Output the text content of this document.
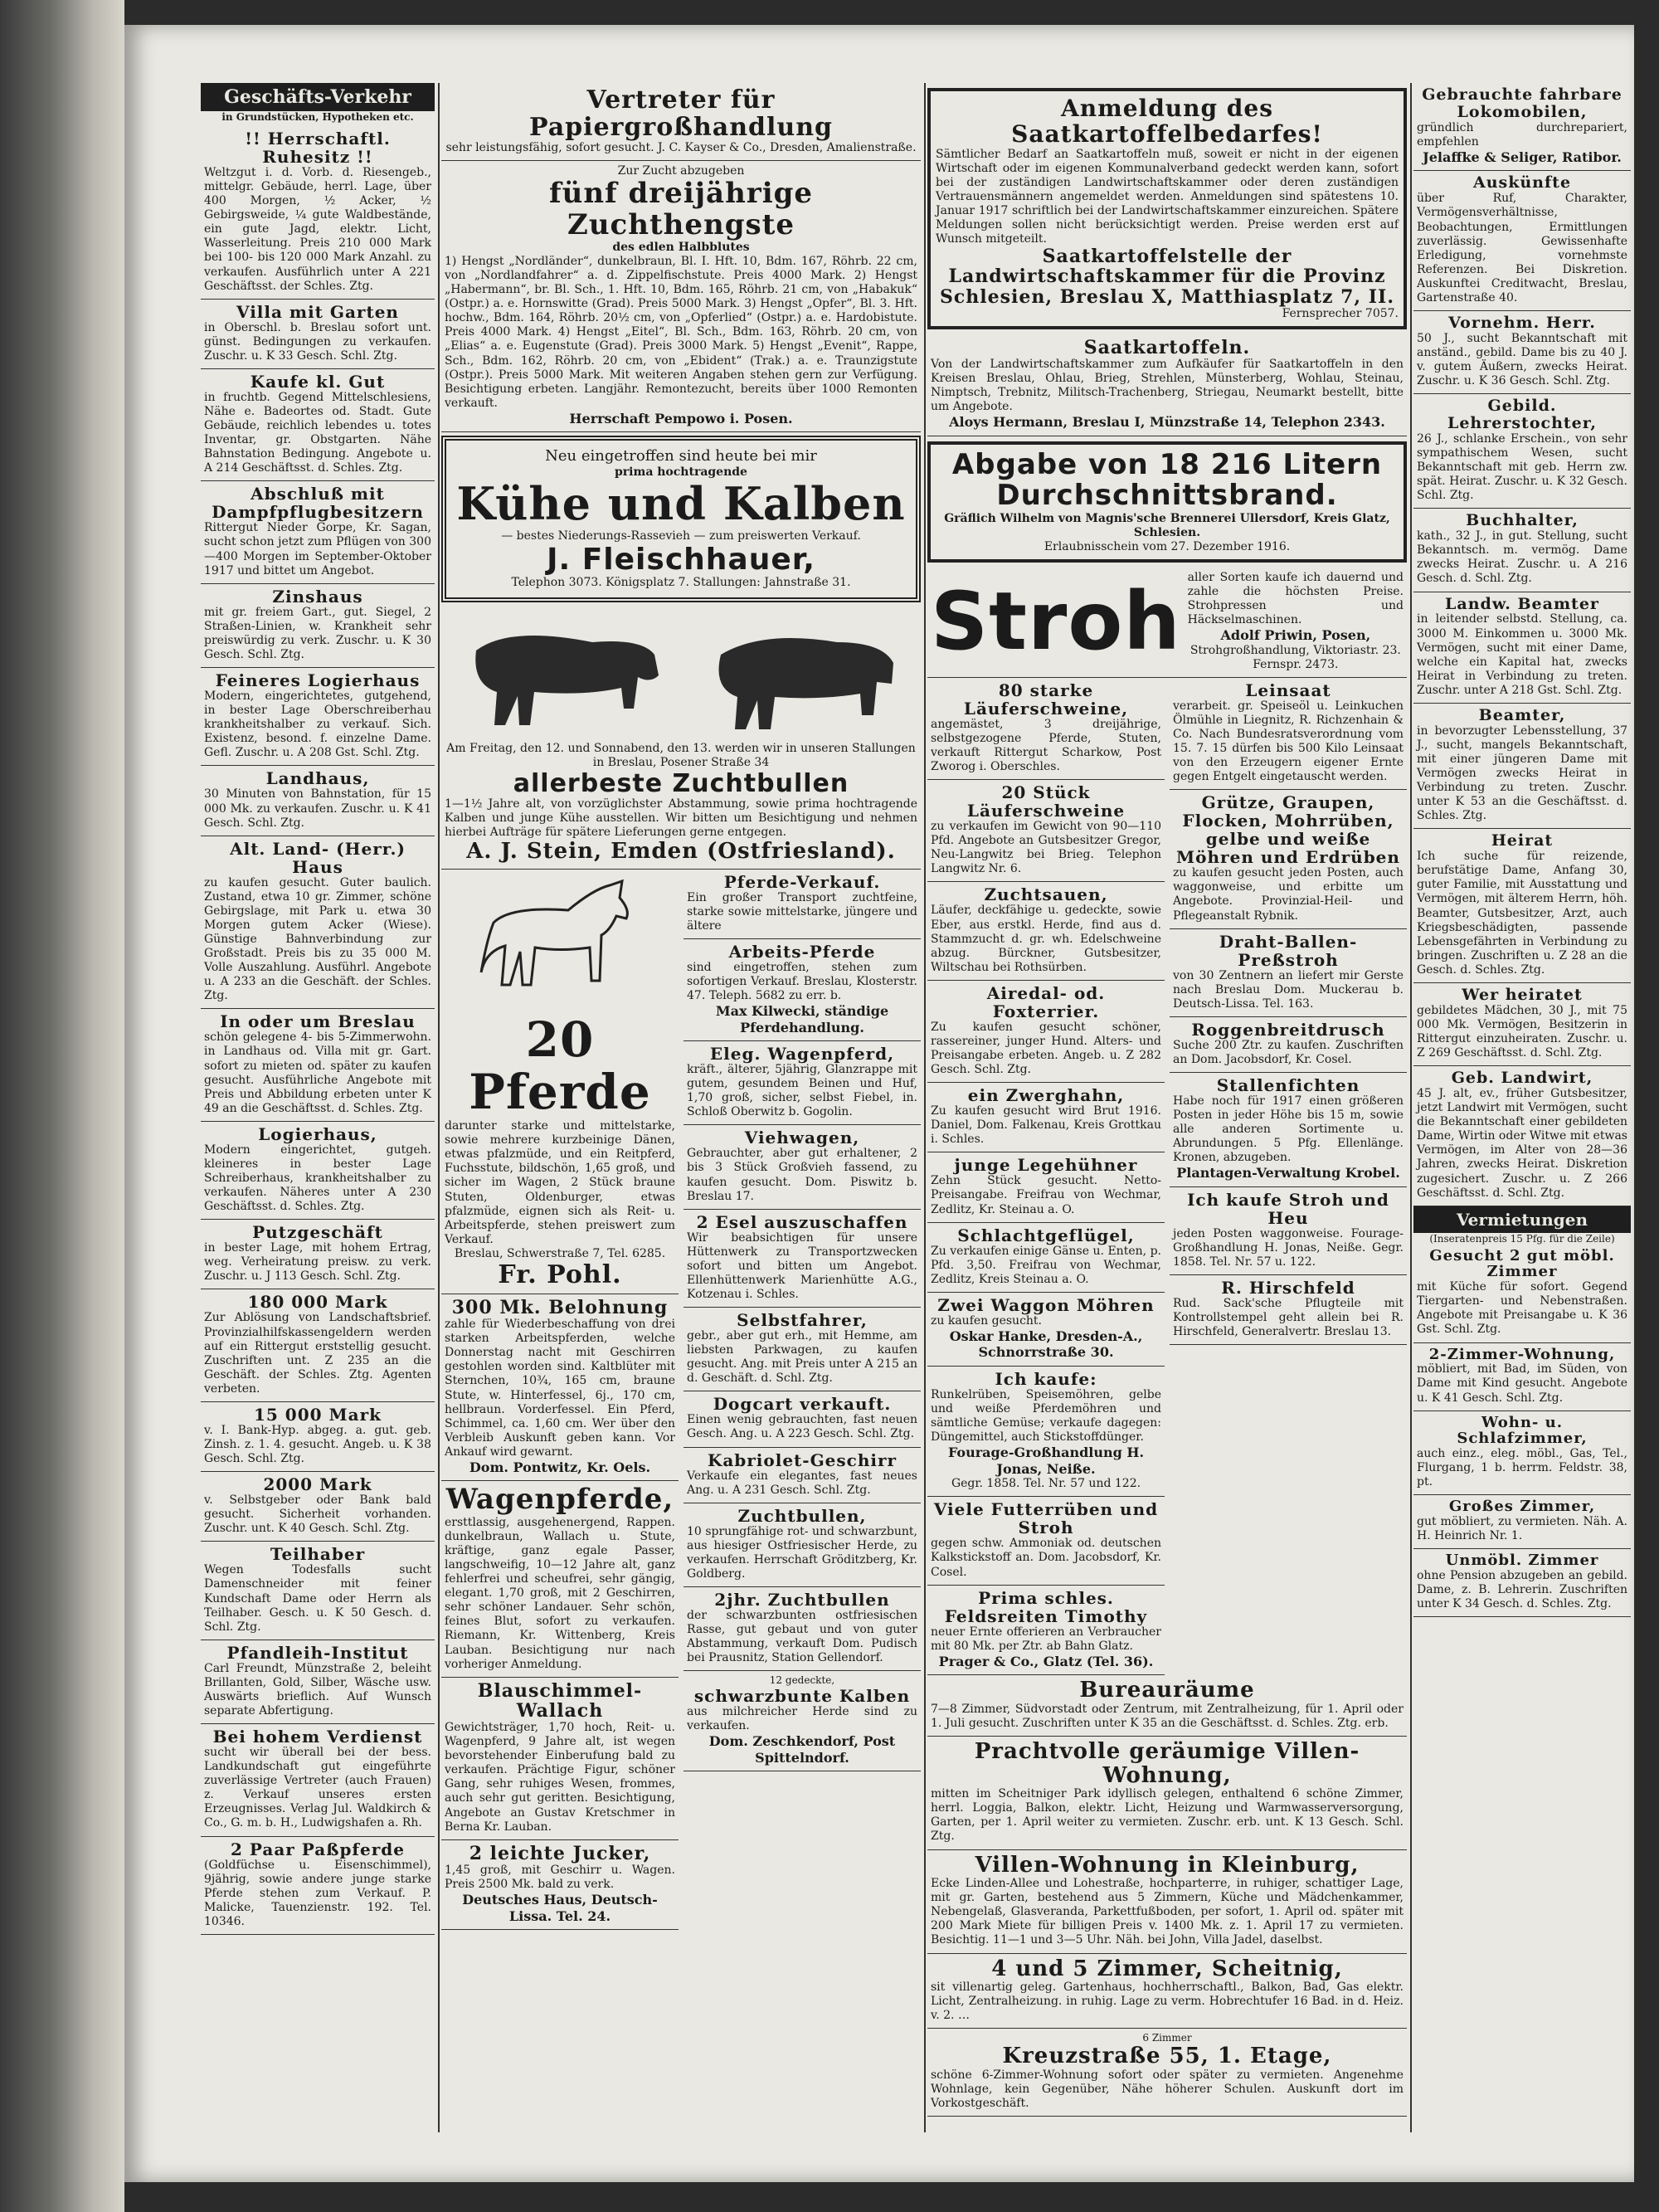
Geschäfts-Verkehr
in Grundstücken, Hypotheken etc.
!! Herrschaftl. Ruhesitz !!

Weltzgut i. d. Vorb. d. Riesengeb., mittelgr. Gebäude, herrl. Lage, über 400 Morgen, ½ Acker, ½ Gebirgsweide, ¼ gute Waldbestände, ein gute Jagd, elektr. Licht, Wasserleitung. Preis 210 000 Mark bei 100- bis 120 000 Mark Anzahl. zu verkaufen. Ausführlich unter A 221 Geschäftsst. der Schles. Ztg.

Villa mit Garten

in Oberschl. b. Breslau sofort unt. günst. Bedingungen zu verkaufen. Zuschr. u. K 33 Gesch. Schl. Ztg.

Kaufe kl. Gut

in fruchtb. Gegend Mittelschlesiens, Nähe e. Badeortes od. Stadt. Gute Gebäude, reichlich lebendes u. totes Inventar, gr. Obstgarten. Nähe Bahnstation Bedingung. Angebote u. A 214 Geschäftsst. d. Schles. Ztg.

Abschluß mit Dampfpflugbesitzern

Rittergut Nieder Gorpe, Kr. Sagan, sucht schon jetzt zum Pflügen von 300—400 Morgen im September-Oktober 1917 und bittet um Angebot.

Zinshaus

mit gr. freiem Gart., gut. Siegel, 2 Straßen-Linien, w. Krankheit sehr preiswürdig zu verk. Zuschr. u. K 30 Gesch. Schl. Ztg.

Feineres Logierhaus

Modern, eingerichtetes, gutgehend, in bester Lage Oberschreiberhau krankheitshalber zu verkauf. Sich. Existenz, besond. f. einzelne Dame. Gefl. Zuschr. u. A 208 Gst. Schl. Ztg.

Landhaus,

30 Minuten von Bahnstation, für 15 000 Mk. zu verkaufen. Zuschr. u. K 41 Gesch. Schl. Ztg.

Alt. Land- (Herr.) Haus

zu kaufen gesucht. Guter baulich. Zustand, etwa 10 gr. Zimmer, schöne Gebirgslage, mit Park u. etwa 30 Morgen gutem Acker (Wiese). Günstige Bahnverbindung zur Großstadt. Preis bis zu 35 000 M. Volle Auszahlung. Ausführl. Angebote u. A 233 an die Geschäft. der Schles. Ztg.

In oder um Breslau

schön gelegene 4- bis 5-Zimmerwohn. in Landhaus od. Villa mit gr. Gart. sofort zu mieten od. später zu kaufen gesucht. Ausführliche Angebote mit Preis und Abbildung erbeten unter K 49 an die Geschäftsst. d. Schles. Ztg.

Logierhaus,

Modern eingerichtet, gutgeh. kleineres in bester Lage Schreiberhaus, krankheitshalber zu verkaufen. Näheres unter A 230 Geschäftsst. d. Schles. Ztg.

Putzgeschäft

in bester Lage, mit hohem Ertrag, weg. Verheiratung preisw. zu verk. Zuschr. u. J 113 Gesch. Schl. Ztg.

180 000 Mark

Zur Ablösung von Landschaftsbrief. Provinzialhilfskassengeldern werden auf ein Rittergut erststellig gesucht. Zuschriften unt. Z 235 an die Geschäft. der Schles. Ztg. Agenten verbeten.

15 000 Mark

v. I. Bank-Hyp. abgeg. a. gut. geb. Zinsh. z. 1. 4. gesucht. Angeb. u. K 38 Gesch. Schl. Ztg.

2000 Mark

v. Selbstgeber oder Bank bald gesucht. Sicherheit vorhanden. Zuschr. unt. K 40 Gesch. Schl. Ztg.

Teilhaber

Wegen Todesfalls sucht Damenschneider mit feiner Kundschaft Dame oder Herrn als Teilhaber. Gesch. u. K 50 Gesch. d. Schl. Ztg.

Pfandleih-Institut

Carl Freundt, Münzstraße 2, beleiht Brillanten, Gold, Silber, Wäsche usw. Auswärts brieflich. Auf Wunsch separate Abfertigung.

Bei hohem Verdienst

sucht wir überall bei der bess. Landkundschaft gut eingeführte zuverlässige Vertreter (auch Frauen) z. Verkauf unseres ersten Erzeugnisses. Verlag Jul. Waldkirch & Co., G. m. b. H., Ludwigshafen a. Rh.

2 Paar Paßpferde

(Goldfüchse u. Eisenschimmel), 9jährig, sowie andere junge starke Pferde stehen zum Verkauf. P. Malicke, Tauenzienstr. 192. Tel. 10346.

Vertreter für Papiergroßhandlung

sehr leistungsfähig, sofort gesucht. J. C. Kayser & Co., Dresden, Amalienstraße.

Zur Zucht abzugeben

fünf dreijährige Zuchthengste

des edlen Halbblutes

1) Hengst „Nordländer“, dunkelbraun, Bl. I. Hft. 10, Bdm. 167, Röhrb. 22 cm, von „Nordlandfahrer“ a. d. Zippelfischstute. Preis 4000 Mark. 2) Hengst „Habermann“, br. Bl. Sch., 1. Hft. 10, Bdm. 165, Röhrb. 21 cm, von „Habakuk“ (Ostpr.) a. e. Hornswitte (Grad). Preis 5000 Mark. 3) Hengst „Opfer“, Bl. 3. Hft. hochw., Bdm. 164, Röhrb. 20½ cm, von „Opferlied“ (Ostpr.) a. e. Hardobistute. Preis 4000 Mark. 4) Hengst „Eitel“, Bl. Sch., Bdm. 163, Röhrb. 20 cm, von „Elias“ a. e. Eugenstute (Grad). Preis 3000 Mark. 5) Hengst „Evenit“, Rappe, Sch., Bdm. 162, Röhrb. 20 cm, von „Ebident“ (Trak.) a. e. Traunzigstute (Ostpr.). Preis 5000 Mark. Mit weiteren Angaben stehen gern zur Verfügung. Besichtigung erbeten. Langjähr. Remontezucht, bereits über 1000 Remonten verkauft.

Herrschaft Pempowo i. Posen.

Neu eingetroffen sind heute bei mir

prima hochtragende

Kühe und Kalben

— bestes Niederungs-Rassevieh — zum preiswerten Verkauf.

J. Fleischhauer,

Telephon 3073. Königsplatz 7. Stallungen: Jahnstraße 31.

Am Freitag, den 12. und Sonnabend, den 13. werden wir in unseren Stallungen in Breslau, Posener Straße 34

allerbeste Zuchtbullen

1—1½ Jahre alt, von vorzüglichster Abstammung, sowie prima hochtragende Kalben und junge Kühe ausstellen. Wir bitten um Besichtigung und nehmen hierbei Aufträge für spätere Lieferungen gerne entgegen.

A. J. Stein, Emden (Ostfriesland).
20 Pferde

darunter starke und mittelstarke, sowie mehrere kurzbeinige Dänen, etwas pfalzmüde, und ein Reitpferd, Fuchsstute, bildschön, 1,65 groß, und sicher im Wagen, 2 Stück braune Stuten, Oldenburger, etwas pfalzmüde, eignen sich als Reit- u. Arbeitspferde, stehen preiswert zum Verkauf.

Breslau, Schwerstraße 7, Tel. 6285.

Fr. Pohl.
300 Mk. Belohnung

zahle für Wiederbeschaffung von drei starken Arbeitspferden, welche Donnerstag nacht mit Geschirren gestohlen worden sind. Kaltblüter mit Sternchen, 10¾, 165 cm, braune Stute, w. Hinterfessel, 6j., 170 cm, hellbraun. Vorderfessel. Ein Pferd, Schimmel, ca. 1,60 cm. Wer über den Verbleib Auskunft geben kann. Vor Ankauf wird gewarnt.

Dom. Pontwitz, Kr. Oels.

Wagenpferde,

ersttlassig, ausgehenergend, Rappen. dunkelbraun, Wallach u. Stute, kräftige, ganz egale Passer, langschweifig, 10—12 Jahre alt, ganz fehlerfrei und scheufrei, sehr gängig, elegant. 1,70 groß, mit 2 Geschirren, sehr schöner Landauer. Sehr schön, feines Blut, sofort zu verkaufen. Riemann, Kr. Wittenberg, Kreis Lauban. Besichtigung nur nach vorheriger Anmeldung.

Blauschimmel-Wallach

Gewichtsträger, 1,70 hoch, Reit- u. Wagenpferd, 9 Jahre alt, ist wegen bevorstehender Einberufung bald zu verkaufen. Prächtige Figur, schöner Gang, sehr ruhiges Wesen, frommes, auch sehr gut geritten. Besichtigung, Angebote an Gustav Kretschmer in Berna Kr. Lauban.

2 leichte Jucker,

1,45 groß, mit Geschirr u. Wagen. Preis 2500 Mk. bald zu verk.

Deutsches Haus, Deutsch-Lissa. Tel. 24.

Pferde-Verkauf.

Ein großer Transport zuchtfeine, starke sowie mittelstarke, jüngere und ältere

Arbeits-Pferde

sind eingetroffen, stehen zum sofortigen Verkauf. Breslau, Klosterstr. 47. Teleph. 5682 zu err. b.

Max Kilwecki, ständige Pferdehandlung.

Eleg. Wagenpferd,

kräft., älterer, 5jährig, Glanzrappe mit gutem, gesundem Beinen und Huf, 1,70 groß, sicher, selbst Fiebel, in. Schloß Oberwitz b. Gogolin.

Viehwagen,

Gebrauchter, aber gut erhaltener, 2 bis 3 Stück Großvieh fassend, zu kaufen gesucht. Dom. Piswitz b. Breslau 17.

2 Esel auszuschaffen

Wir beabsichtigen für unsere Hüttenwerk zu Transportzwecken sofort und bitten um Angebot. Ellenhüttenwerk Marienhütte A.G., Kotzenau i. Schles.

Selbstfahrer,

gebr., aber gut erh., mit Hemme, am liebsten Parkwagen, zu kaufen gesucht. Ang. mit Preis unter A 215 an d. Geschäft. d. Schl. Ztg.

Dogcart verkauft.

Einen wenig gebrauchten, fast neuen Gesch. Ang. u. A 223 Gesch. Schl. Ztg.

Kabriolet-Geschirr

Verkaufe ein elegantes, fast neues Ang. u. A 231 Gesch. Schl. Ztg.

Zuchtbullen,

10 sprungfähige rot- und schwarzbunt, aus hiesiger Ostfriesischer Herde, zu verkaufen. Herrschaft Gröditzberg, Kr. Goldberg.

2jhr. Zuchtbullen

der schwarzbunten ostfriesischen Rasse, gut gebaut und von guter Abstammung, verkauft Dom. Pudisch bei Prausnitz, Station Gellendorf.

12 gedeckte,

schwarzbunte Kalben

aus milchreicher Herde sind zu verkaufen.

Dom. Zeschkendorf, Post Spittelndorf.

Anmeldung des Saatkartoffelbedarfes!

Sämtlicher Bedarf an Saatkartoffeln muß, soweit er nicht in der eigenen Wirtschaft oder im eigenen Kommunalverband gedeckt werden kann, sofort bei der zuständigen Landwirtschaftskammer oder deren zuständigen Vertrauensmännern angemeldet werden. Anmeldungen sind spätestens 10. Januar 1917 schriftlich bei der Landwirtschaftskammer einzureichen. Spätere Meldungen sollen nicht berücksichtigt werden. Preise werden erst auf Wunsch mitgeteilt.

Saatkartoffelstelle der Landwirtschaftskammer für die Provinz Schlesien, Breslau X, Matthiasplatz 7, II.

Fernsprecher 7057.

Saatkartoffeln.

Von der Landwirtschaftskammer zum Aufkäufer für Saatkartoffeln in den Kreisen Breslau, Ohlau, Brieg, Strehlen, Münsterberg, Wohlau, Steinau, Nimptsch, Trebnitz, Militsch-Trachenberg, Striegau, Neumarkt bestellt, bitte um Angebote.

Aloys Hermann, Breslau I, Münzstraße 14, Telephon 2343.

Abgabe von 18 216 Litern Durchschnittsbrand.

Gräflich Wilhelm von Magnis'sche Brennerei Ullersdorf, Kreis Glatz, Schlesien.

Erlaubnisschein vom 27. Dezember 1916.

Stroh aller Sorten kaufe ich dauernd und zahle die höchsten Preise. Strohpressen und Häckselmaschinen.

Adolf Priwin, Posen,

Strohgroßhandlung, Viktoriastr. 23. Fernspr. 2473.

80 starke Läuferschweine,

angemästet, 3 dreijährige, selbstgezogene Pferde, Stuten, verkauft Rittergut Scharkow, Post Zworog i. Oberschles.

20 Stück Läuferschweine

zu verkaufen im Gewicht von 90—110 Pfd. Angebote an Gutsbesitzer Gregor, Neu-Langwitz bei Brieg. Telephon Langwitz Nr. 6.

Zuchtsauen,

Läufer, deckfähige u. gedeckte, sowie Eber, aus erstkl. Herde, find aus d. Stammzucht d. gr. wh. Edelschweine abzug. Bürckner, Gutsbesitzer, Wiltschau bei Rothsürben.

Airedal- od. Foxterrier.

Zu kaufen gesucht schöner, rassereiner, junger Hund. Alters- und Preisangabe erbeten. Angeb. u. Z 282 Gesch. Schl. Ztg.

ein Zwerghahn,

Zu kaufen gesucht wird Brut 1916. Daniel, Dom. Falkenau, Kreis Grottkau i. Schles.

junge Legehühner

Zehn Stück gesucht. Netto-Preisangabe. Freifrau von Wechmar, Zedlitz, Kr. Steinau a. O.

Schlachtgeflügel,

Zu verkaufen einige Gänse u. Enten, p. Pfd. 3,50. Freifrau von Wechmar, Zedlitz, Kreis Steinau a. O.

Zwei Waggon Möhren

zu kaufen gesucht.

Oskar Hanke, Dresden-A., Schnorrstraße 30.

Ich kaufe:

Runkelrüben, Speisemöhren, gelbe und weiße Pferdemöhren und sämtliche Gemüse; verkaufe dagegen: Düngemittel, auch Stickstoffdünger.

Fourage-Großhandlung H. Jonas, Neiße.

Gegr. 1858. Tel. Nr. 57 und 122.

Viele Futterrüben und Stroh

gegen schw. Ammoniak od. deutschen Kalkstickstoff an. Dom. Jacobsdorf, Kr. Cosel.

Prima schles. Feldsreiten Timothy

neuer Ernte offerieren an Verbraucher mit 80 Mk. per Ztr. ab Bahn Glatz.

Prager & Co., Glatz (Tel. 36).

Leinsaat

verarbeit. gr. Speiseöl u. Leinkuchen Ölmühle in Liegnitz, R. Richzenhain & Co. Nach Bundesratsverordnung vom 15. 7. 15 dürfen bis 500 Kilo Leinsaat von den Erzeugern eigener Ernte gegen Entgelt eingetauscht werden.

Grütze, Graupen, Flocken, Mohrrüben, gelbe und weiße Möhren und Erdrüben

zu kaufen gesucht jeden Posten, auch waggonweise, und erbitte um Angebote. Provinzial-Heil- und Pflegeanstalt Rybnik.

Draht-Ballen-Preßstroh

von 30 Zentnern an liefert mir Gerste nach Breslau Dom. Muckerau b. Deutsch-Lissa. Tel. 163.

Roggenbreitdrusch

Suche 200 Ztr. zu kaufen. Zuschriften an Dom. Jacobsdorf, Kr. Cosel.

Stallenfichten

Habe noch für 1917 einen größeren Posten in jeder Höhe bis 15 m, sowie alle anderen Sortimente u. Abrundungen. 5 Pfg. Ellenlänge. Kronen, abzugeben.

Plantagen-Verwaltung Krobel.

Ich kaufe Stroh und Heu

jeden Posten waggonweise. Fourage-Großhandlung H. Jonas, Neiße. Gegr. 1858. Tel. Nr. 57 u. 122.

R. Hirschfeld

Rud. Sack'sche Pflugteile mit Kontrollstempel geht allein bei R. Hirschfeld, Generalvertr. Breslau 13.

Bureauräume

7—8 Zimmer, Südvorstadt oder Zentrum, mit Zentralheizung, für 1. April oder 1. Juli gesucht. Zuschriften unter K 35 an die Geschäftsst. d. Schles. Ztg. erb.

Prachtvolle geräumige Villen-Wohnung,

mitten im Scheitniger Park idyllisch gelegen, enthaltend 6 schöne Zimmer, herrl. Loggia, Balkon, elektr. Licht, Heizung und Warmwasserversorgung, Garten, per 1. April weiter zu vermieten. Zuschr. erb. unt. K 13 Gesch. Schl. Ztg.

Villen-Wohnung in Kleinburg,

Ecke Linden-Allee und Lohestraße, hochparterre, in ruhiger, schattiger Lage, mit gr. Garten, bestehend aus 5 Zimmern, Küche und Mädchenkammer, Nebengelaß, Glasveranda, Parkettfußboden, per sofort, 1. April od. später mit 200 Mark Miete für billigen Preis v. 1400 Mk. z. 1. April 17 zu vermieten. Besichtig. 11—1 und 3—5 Uhr. Näh. bei John, Villa Jadel, daselbst.

4 und 5 Zimmer, Scheitnig,

sit villenartig geleg. Gartenhaus, hochherrschaftl., Balkon, Bad, Gas elektr. Licht, Zentralheizung. in ruhig. Lage zu verm. Hobrechtufer 16 Bad. in d. Heiz. v. 2. …

6 Zimmer

Kreuzstraße 55, 1. Etage,

schöne 6-Zimmer-Wohnung sofort oder später zu vermieten. Angenehme Wohnlage, kein Gegenüber, Nähe höherer Schulen. Auskunft dort im Vorkostgeschäft.

Gebrauchte fahrbare Lokomobilen,

gründlich durchrepariert, empfehlen

Jelaffke & Seliger, Ratibor.

Auskünfte

über Ruf, Charakter, Vermögensverhältnisse, Beobachtungen, Ermittlungen zuverlässig. Gewissenhafte Erledigung, vornehmste Referenzen. Bei Diskretion. Auskunftei Creditwacht, Breslau, Gartenstraße 40.

Vornehm. Herr.

50 J., sucht Bekanntschaft mit anständ., gebild. Dame bis zu 40 J. v. gutem Äußern, zwecks Heirat. Zuschr. u. K 36 Gesch. Schl. Ztg.

Gebild. Lehrerstochter,

26 J., schlanke Erschein., von sehr sympathischem Wesen, sucht Bekanntschaft mit geb. Herrn zw. spät. Heirat. Zuschr. u. K 32 Gesch. Schl. Ztg.

Buchhalter,

kath., 32 J., in gut. Stellung, sucht Bekanntsch. m. vermög. Dame zwecks Heirat. Zuschr. u. A 216 Gesch. d. Schl. Ztg.

Landw. Beamter

in leitender selbstd. Stellung, ca. 3000 M. Einkommen u. 3000 Mk. Vermögen, sucht mit einer Dame, welche ein Kapital hat, zwecks Heirat in Verbindung zu treten. Zuschr. unter A 218 Gst. Schl. Ztg.

Beamter,

in bevorzugter Lebensstellung, 37 J., sucht, mangels Bekanntschaft, mit einer jüngeren Dame mit Vermögen zwecks Heirat in Verbindung zu treten. Zuschr. unter K 53 an die Geschäftsst. d. Schles. Ztg.

Heirat

Ich suche für reizende, berufstätige Dame, Anfang 30, guter Familie, mit Ausstattung und Vermögen, mit älterem Herrn, höh. Beamter, Gutsbesitzer, Arzt, auch Kriegsbeschädigten, passende Lebensgefährten in Verbindung zu bringen. Zuschriften u. Z 28 an die Gesch. d. Schles. Ztg.

Wer heiratet

gebildetes Mädchen, 30 J., mit 75 000 Mk. Vermögen, Besitzerin in Rittergut einzuheiraten. Zuschr. u. Z 269 Geschäftsst. d. Schl. Ztg.

Geb. Landwirt,

45 J. alt, ev., früher Gutsbesitzer, jetzt Landwirt mit Vermögen, sucht die Bekanntschaft einer gebildeten Dame, Wirtin oder Witwe mit etwas Vermögen, im Alter von 28—36 Jahren, zwecks Heirat. Diskretion zugesichert. Zuschr. u. Z 266 Geschäftsst. d. Schl. Ztg.

Vermietungen
(Inseratenpreis 15 Pfg. für die Zeile)
Gesucht 2 gut möbl. Zimmer

mit Küche für sofort. Gegend Tiergarten- und Nebenstraßen. Angebote mit Preisangabe u. K 36 Gst. Schl. Ztg.

2-Zimmer-Wohnung,

möbliert, mit Bad, im Süden, von Dame mit Kind gesucht. Angebote u. K 41 Gesch. Schl. Ztg.

Wohn- u. Schlafzimmer,

auch einz., eleg. möbl., Gas, Tel., Flurgang, 1 b. herrm. Feldstr. 38, pt.

Großes Zimmer,

gut möbliert, zu vermieten. Näh. A. H. Heinrich Nr. 1.

Unmöbl. Zimmer

ohne Pension abzugeben an gebild. Dame, z. B. Lehrerin. Zuschriften unter K 34 Gesch. d. Schles. Ztg.
